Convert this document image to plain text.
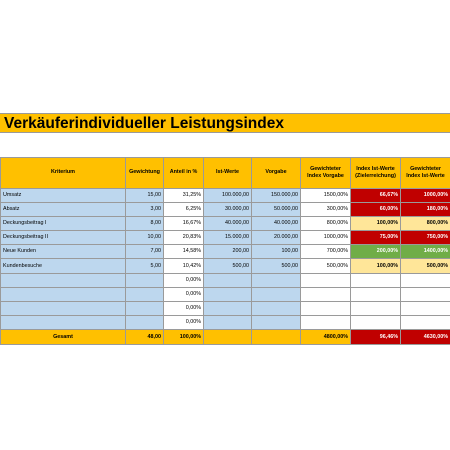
Verkäuferindividueller Leistungsindex

Kriterium	Gewichtung	Anteil in %	Ist-Werte	Vorgabe	Gewichteter Index Vorgabe	Index Ist-Werte (Zielerreichung)	Gewichteter Index Ist-Werte
Umsatz	15,00	31,25%	100.000,00	150.000,00	1500,00%	66,67%	1000,00%
Absatz	3,00	6,25%	30.000,00	50.000,00	300,00%	60,00%	180,00%
Deckungsbeitrag I	8,00	16,67%	40.000,00	40.000,00	800,00%	100,00%	800,00%
Deckungsbeitrag II	10,00	20,83%	15.000,00	20.000,00	1000,00%	75,00%	750,00%
Neue Kunden	7,00	14,58%	200,00	100,00	700,00%	200,00%	1400,00%
Kundenbesuche	5,00	10,42%	500,00	500,00	500,00%	100,00%	500,00%
		0,00%					
		0,00%					
		0,00%					
		0,00%					
Gesamt	48,00	100,00%			4800,00%	96,46%	4630,00%
